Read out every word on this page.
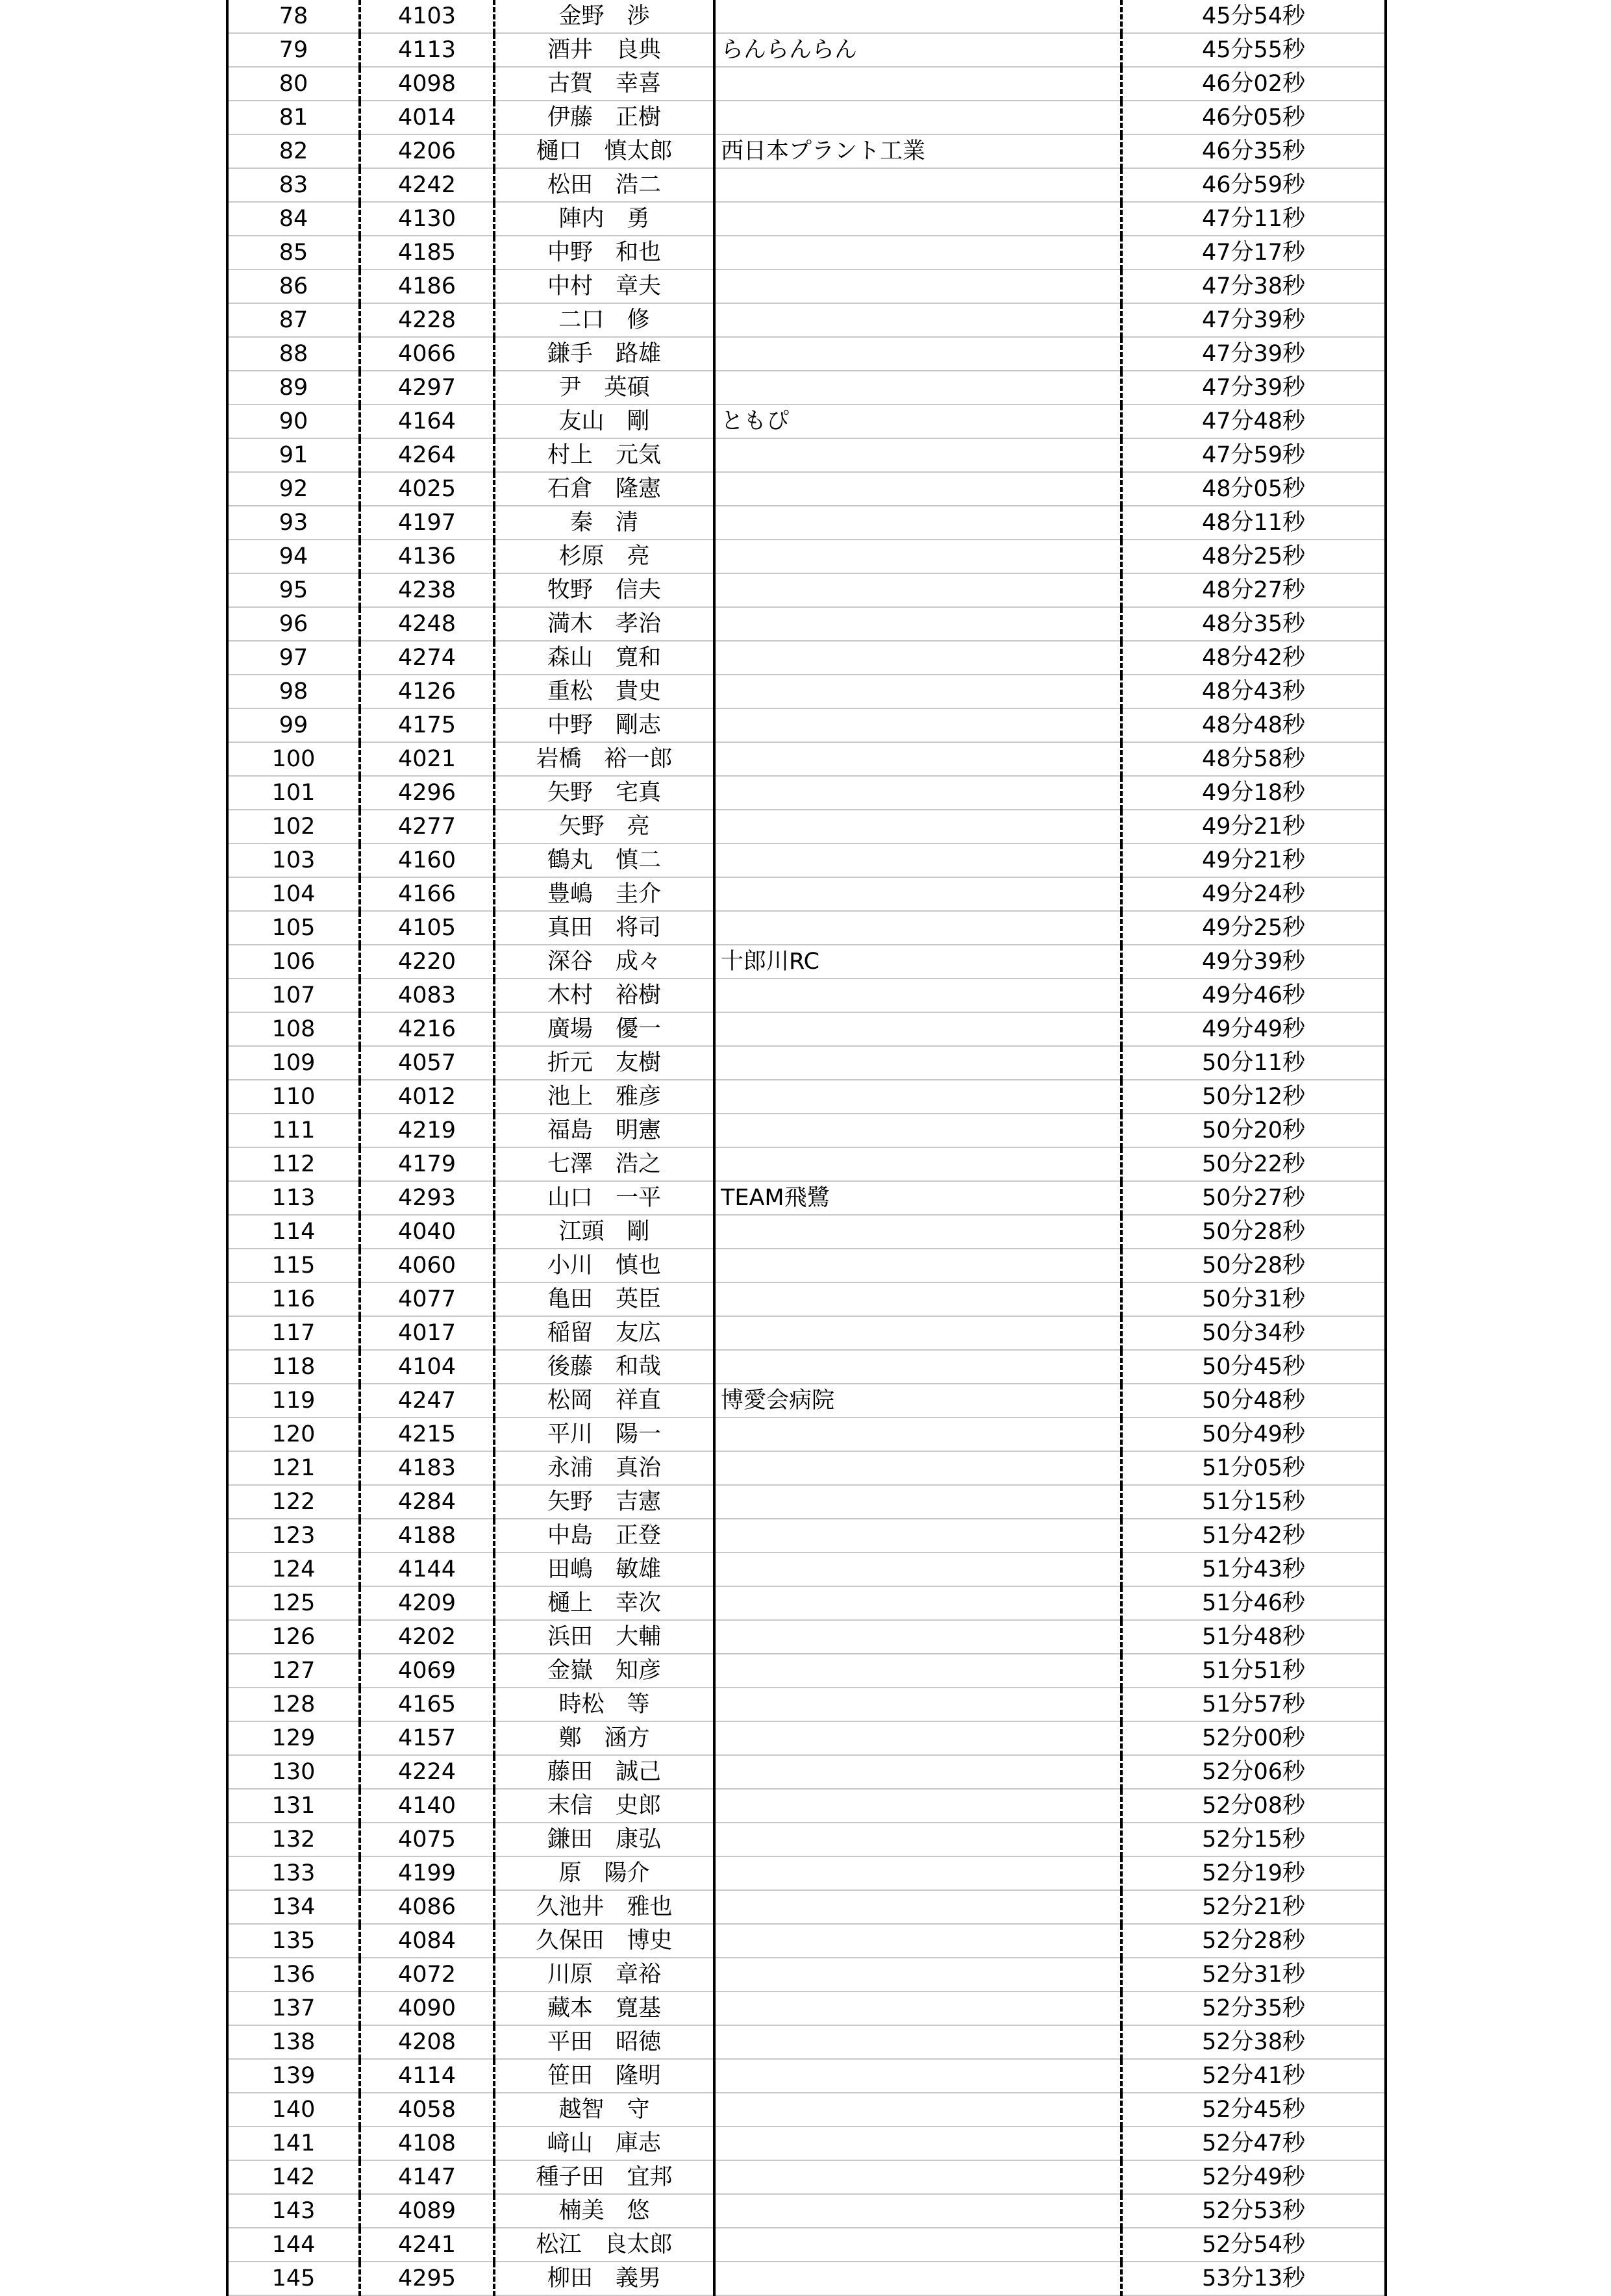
78	4103	金野　渉		45分54秒
79	4113	酒井　良典	らんらんらん	45分55秒
80	4098	古賀　幸喜		46分02秒
81	4014	伊藤　正樹		46分05秒
82	4206	樋口　慎太郎	西日本プラント工業	46分35秒
83	4242	松田　浩二		46分59秒
84	4130	陣内　勇		47分11秒
85	4185	中野　和也		47分17秒
86	4186	中村　章夫		47分38秒
87	4228	二口　修		47分39秒
88	4066	鎌手　路雄		47分39秒
89	4297	尹　英碩		47分39秒
90	4164	友山　剛	ともぴ	47分48秒
91	4264	村上　元気		47分59秒
92	4025	石倉　隆憲		48分05秒
93	4197	秦　清		48分11秒
94	4136	杉原　亮		48分25秒
95	4238	牧野　信夫		48分27秒
96	4248	満木　孝治		48分35秒
97	4274	森山　寛和		48分42秒
98	4126	重松　貴史		48分43秒
99	4175	中野　剛志		48分48秒
100	4021	岩橋　裕一郎		48分58秒
101	4296	矢野　宅真		49分18秒
102	4277	矢野　亮		49分21秒
103	4160	鶴丸　慎二		49分21秒
104	4166	豊嶋　圭介		49分24秒
105	4105	真田　将司		49分25秒
106	4220	深谷　成々	十郎川RC	49分39秒
107	4083	木村　裕樹		49分46秒
108	4216	廣場　優一		49分49秒
109	4057	折元　友樹		50分11秒
110	4012	池上　雅彦		50分12秒
111	4219	福島　明憲		50分20秒
112	4179	七澤　浩之		50分22秒
113	4293	山口　一平	TEAM飛鷺	50分27秒
114	4040	江頭　剛		50分28秒
115	4060	小川　慎也		50分28秒
116	4077	亀田　英臣		50分31秒
117	4017	稲留　友広		50分34秒
118	4104	後藤　和哉		50分45秒
119	4247	松岡　祥直	博愛会病院	50分48秒
120	4215	平川　陽一		50分49秒
121	4183	永浦　真治		51分05秒
122	4284	矢野　吉憲		51分15秒
123	4188	中島　正登		51分42秒
124	4144	田嶋　敏雄		51分43秒
125	4209	樋上　幸次		51分46秒
126	4202	浜田　大輔		51分48秒
127	4069	金嶽　知彦		51分51秒
128	4165	時松　等		51分57秒
129	4157	鄭　涵方		52分00秒
130	4224	藤田　誠己		52分06秒
131	4140	末信　史郎		52分08秒
132	4075	鎌田　康弘		52分15秒
133	4199	原　陽介		52分19秒
134	4086	久池井　雅也		52分21秒
135	4084	久保田　博史		52分28秒
136	4072	川原　章裕		52分31秒
137	4090	藏本　寛基		52分35秒
138	4208	平田　昭徳		52分38秒
139	4114	笹田　隆明		52分41秒
140	4058	越智　守		52分45秒
141	4108	﨑山　庫志		52分47秒
142	4147	種子田　宜邦		52分49秒
143	4089	楠美　悠		52分53秒
144	4241	松江　良太郎		52分54秒
145	4295	柳田　義男		53分13秒
